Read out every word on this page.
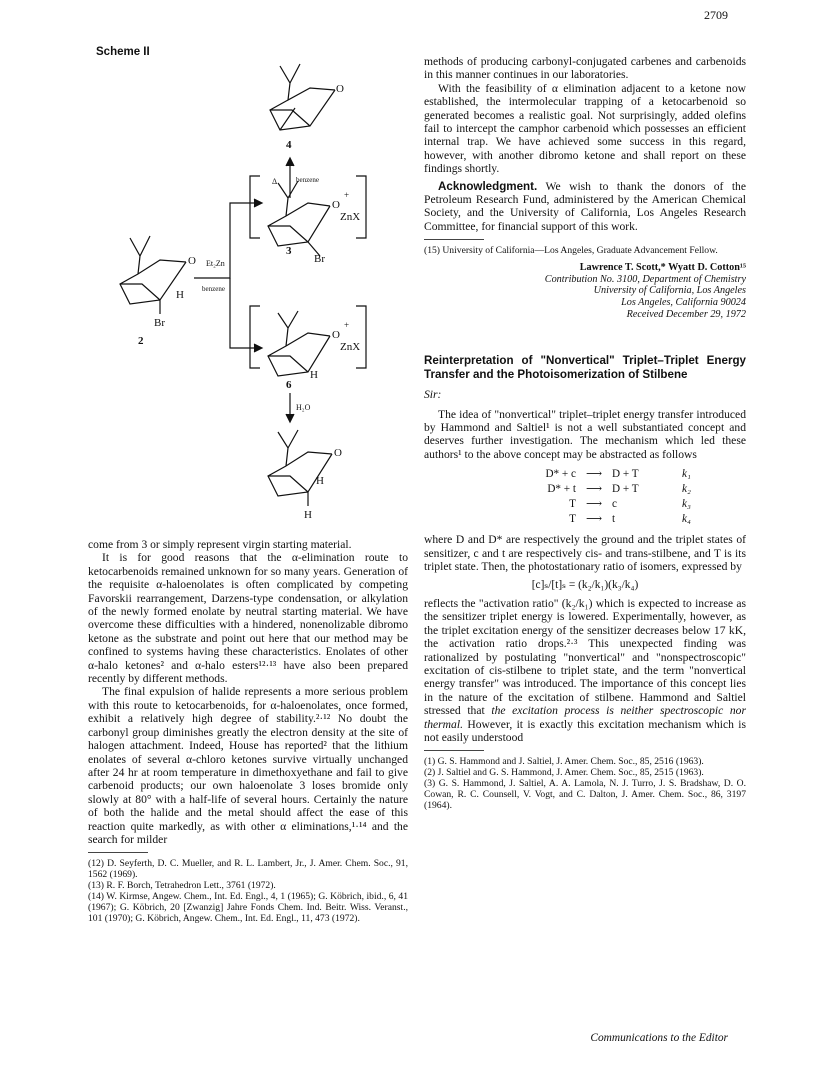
2709
Scheme II
O
4
Δ	benzene
O
+
ZnX
Br
3
O Et₂Zn
H	benzene
Br
2	O
+
ZnX
H
6
H₂O
O
H
H

come from 3 or simply represent virgin starting material.

It is for good reasons that the α-elimination route to ketocarbenoids remained unknown for so many years. Generation of the requisite α-haloenolates is often complicated by competing Favorskii rearrangement, Darzens-type condensation, or alkylation of the newly formed enolate by neutral starting material. We have overcome these difficulties with a hindered, nonenolizable dibromo ketone as the substrate and point out here that our method may be confined to systems having these characteristics. Enolates of other α-halo ketones² and α-halo esters¹²·¹³ have also been prepared recently by different methods.

The final expulsion of halide represents a more serious problem with this route to ketocarbenoids, for α-haloenolates, once formed, exhibit a relatively high degree of stability.²·¹² No doubt the carbonyl group diminishes greatly the electron density at the site of halogen attachment. Indeed, House has reported² that the lithium enolates of several α-chloro ketones survive virtually unchanged after 24 hr at room temperature in dimethoxyethane and fail to give carbenoid products; our own haloenolate 3 loses bromide only slowly at 80° with a half-life of several hours. Certainly the nature of both the halide and the metal should affect the ease of this reaction quite markedly, as with other α eliminations,¹·¹⁴ and the search for milder

(12) D. Seyferth, D. C. Mueller, and R. L. Lambert, Jr., J. Amer. Chem. Soc., 91, 1562 (1969).

(13) R. F. Borch, Tetrahedron Lett., 3761 (1972).

(14) W. Kirmse, Angew. Chem., Int. Ed. Engl., 4, 1 (1965); G. Köbrich, ibid., 6, 41 (1967); G. Köbrich, 20 [Zwanzig] Jahre Fonds Chem. Ind. Beitr. Wiss. Veranst., 101 (1970); G. Köbrich, Angew. Chem., Int. Ed. Engl., 11, 473 (1972).

methods of producing carbonyl-conjugated carbenes and carbenoids in this manner continues in our laboratories.

With the feasibility of α elimination adjacent to a ketone now established, the intermolecular trapping of a ketocarbenoid so generated becomes a realistic goal. Not surprisingly, added olefins fail to intercept the camphor carbenoid which possesses an efficient internal trap. We have achieved some success in this regard, however, with another dibromo ketone and shall report on these findings shortly.

Acknowledgment. We wish to thank the donors of the Petroleum Research Fund, administered by the American Chemical Society, and the University of California, Los Angeles Research Committee, for financial support of this work.

(15) University of California—Los Angeles, Graduate Advancement Fellow.

Lawrence T. Scott,* Wyatt D. Cotton¹⁵
Contribution No. 3100, Department of Chemistry
University of California, Los Angeles
Los Angeles, California 90024
Received December 29, 1972
Reinterpretation of "Nonvertical" Triplet–Triplet Energy Transfer and the Photoisomerization of Stilbene
Sir:

The idea of "nonvertical" triplet–triplet energy transfer introduced by Hammond and Saltiel¹ is not a well substantiated concept and deserves further investigation. The mechanism which led these authors¹ to the above concept may be abstracted as follows

D* + c ⟶ D + T	k₁
D* + t ⟶ D + T	k₂
T ⟶ c	k₃
T ⟶ t	k₄

where D and D* are respectively the ground and the triplet states of sensitizer, c and t are respectively cis- and trans-stilbene, and T is its triplet state. Then, the photostationary ratio of isomers, expressed by

[c]ₛ/[t]ₛ = (k₂/k₁)(k₃/k₄)

reflects the "activation ratio" (k₂/k₁) which is expected to increase as the sensitizer triplet energy is lowered. Experimentally, however, as the triplet excitation energy of the sensitizer decreases below 17 kK, the activation ratio drops.²·³ This unexpected finding was rationalized by postulating "nonvertical" and "nonspectroscopic" excitation of cis-stilbene to triplet state, and the term "nonvertical energy transfer" was introduced. The importance of this concept lies in the nature of the excitation of stilbene. Hammond and Saltiel stressed that the excitation process is neither spectroscopic nor thermal. However, it is exactly this excitation mechanism which is not easily understood

(1) G. S. Hammond and J. Saltiel, J. Amer. Chem. Soc., 85, 2516 (1963).

(2) J. Saltiel and G. S. Hammond, J. Amer. Chem. Soc., 85, 2515 (1963).

(3) G. S. Hammond, J. Saltiel, A. A. Lamola, N. J. Turro, J. S. Bradshaw, D. O. Cowan, R. C. Counsell, V. Vogt, and C. Dalton, J. Amer. Chem. Soc., 86, 3197 (1964).

Communications to the Editor
